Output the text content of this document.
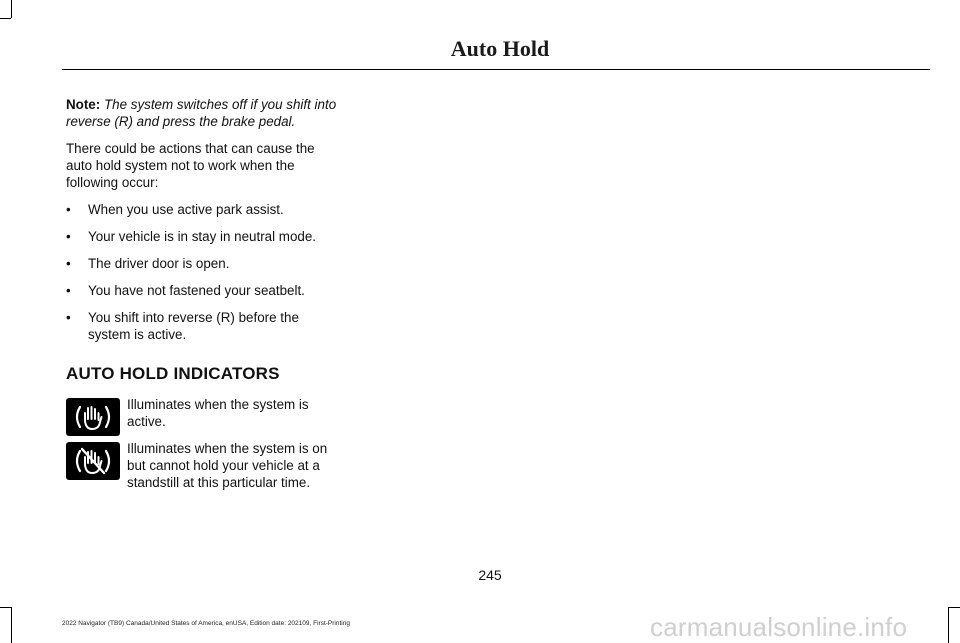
Auto Hold

Note: The system switches off if you shift into reverse (R) and press the brake pedal.

There could be actions that can cause the auto hold system not to work when the following occur:

• When you use active park assist.
• Your vehicle is in stay in neutral mode.
• The driver door is open.
• You have not fastened your seatbelt.
• You shift into reverse (R) before the system is active.
AUTO HOLD INDICATORS
Illuminates when the system is active.
Illuminates when the system is on but cannot hold your vehicle at a standstill at this particular time.
245
2022 Navigator (TB9) Canada/United States of America, enUSA, Edition date: 202109, First-Printing	carmanualsonline.info
